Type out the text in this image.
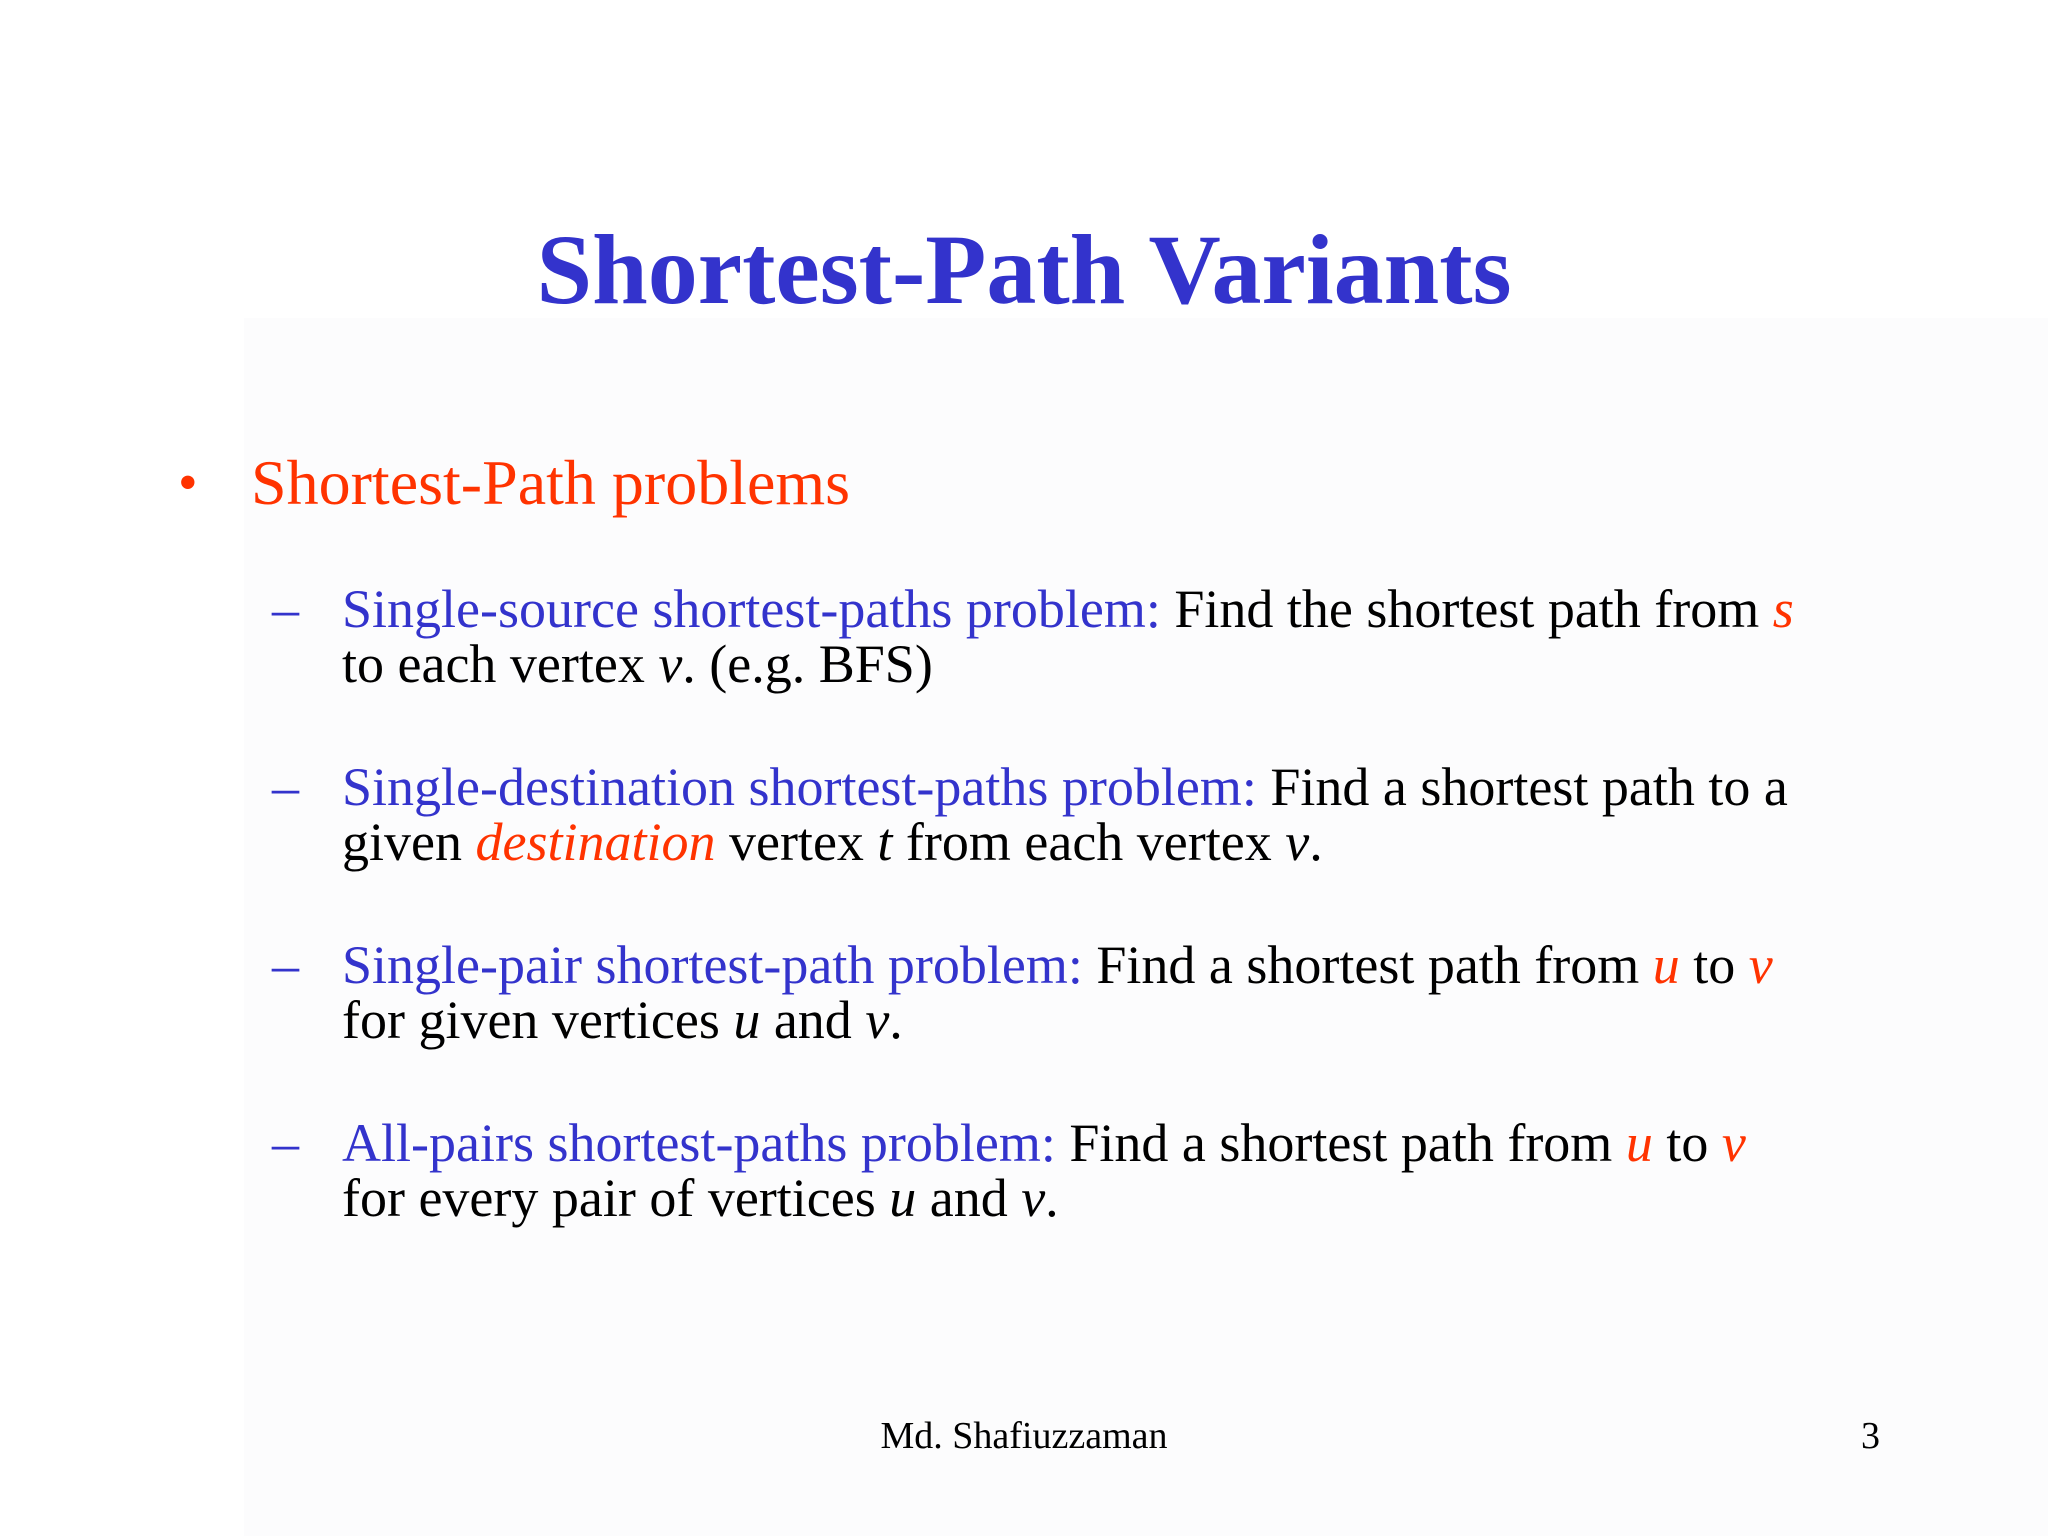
Shortest-Path Variants
• Shortest-Path problems
– Single-source shortest-paths problem: Find the shortest path from s
to each vertex v. (e.g. BFS)
– Single-destination shortest-paths problem: Find a shortest path to a
given destination vertex t from each vertex v.
– Single-pair shortest-path problem: Find a shortest path from u to v
for given vertices u and v.
– All-pairs shortest-paths problem: Find a shortest path from u to v
for every pair of vertices u and v.
Md. Shafiuzzaman	3
